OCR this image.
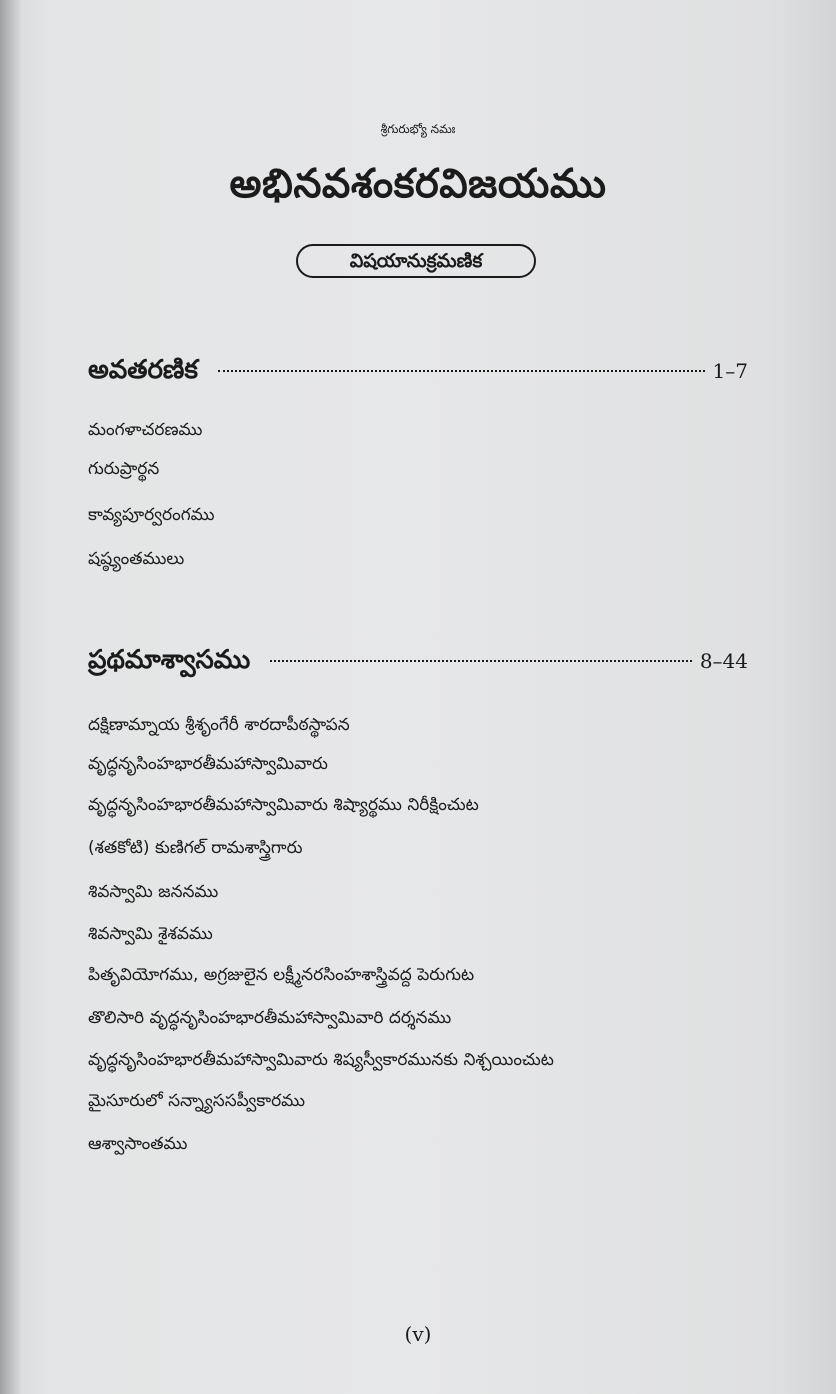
శ్రీగురుభ్యో నమః
అభినవశంకరవిజయము
విషయానుక్రమణిక
అవతరణిక	1–7
మంగళాచరణము
గురుప్రార్థన
కావ్యపూర్వరంగము
షష్ఠ్యంతములు
ప్రథమాశ్వాసము	8–44
దక్షిణామ్నాయ శ్రీశృంగేరీ శారదాపీఠస్థాపన
వృద్ధనృసింహభారతీమహాస్వామివారు
వృద్ధనృసింహభారతీమహాస్వామివారు శిష్యార్థము నిరీక్షించుట
(శతకోటి) కుణిగల్ రామశాస్త్రిగారు
శివస్వామి జననము
శివస్వామి శైశవము
పితృవియోగము, అగ్రజులైన లక్ష్మీనరసింహశాస్త్రివద్ద పెరుగుట
తొలిసారి వృద్ధనృసింహభారతీమహాస్వామివారి దర్శనము
వృద్ధనృసింహభారతీమహాస్వామివారు శిష్యస్వీకారమునకు నిశ్చయించుట
మైసూరులో సన్న్యాససప్వీకారము
ఆశ్వాసాంతము
(v)
